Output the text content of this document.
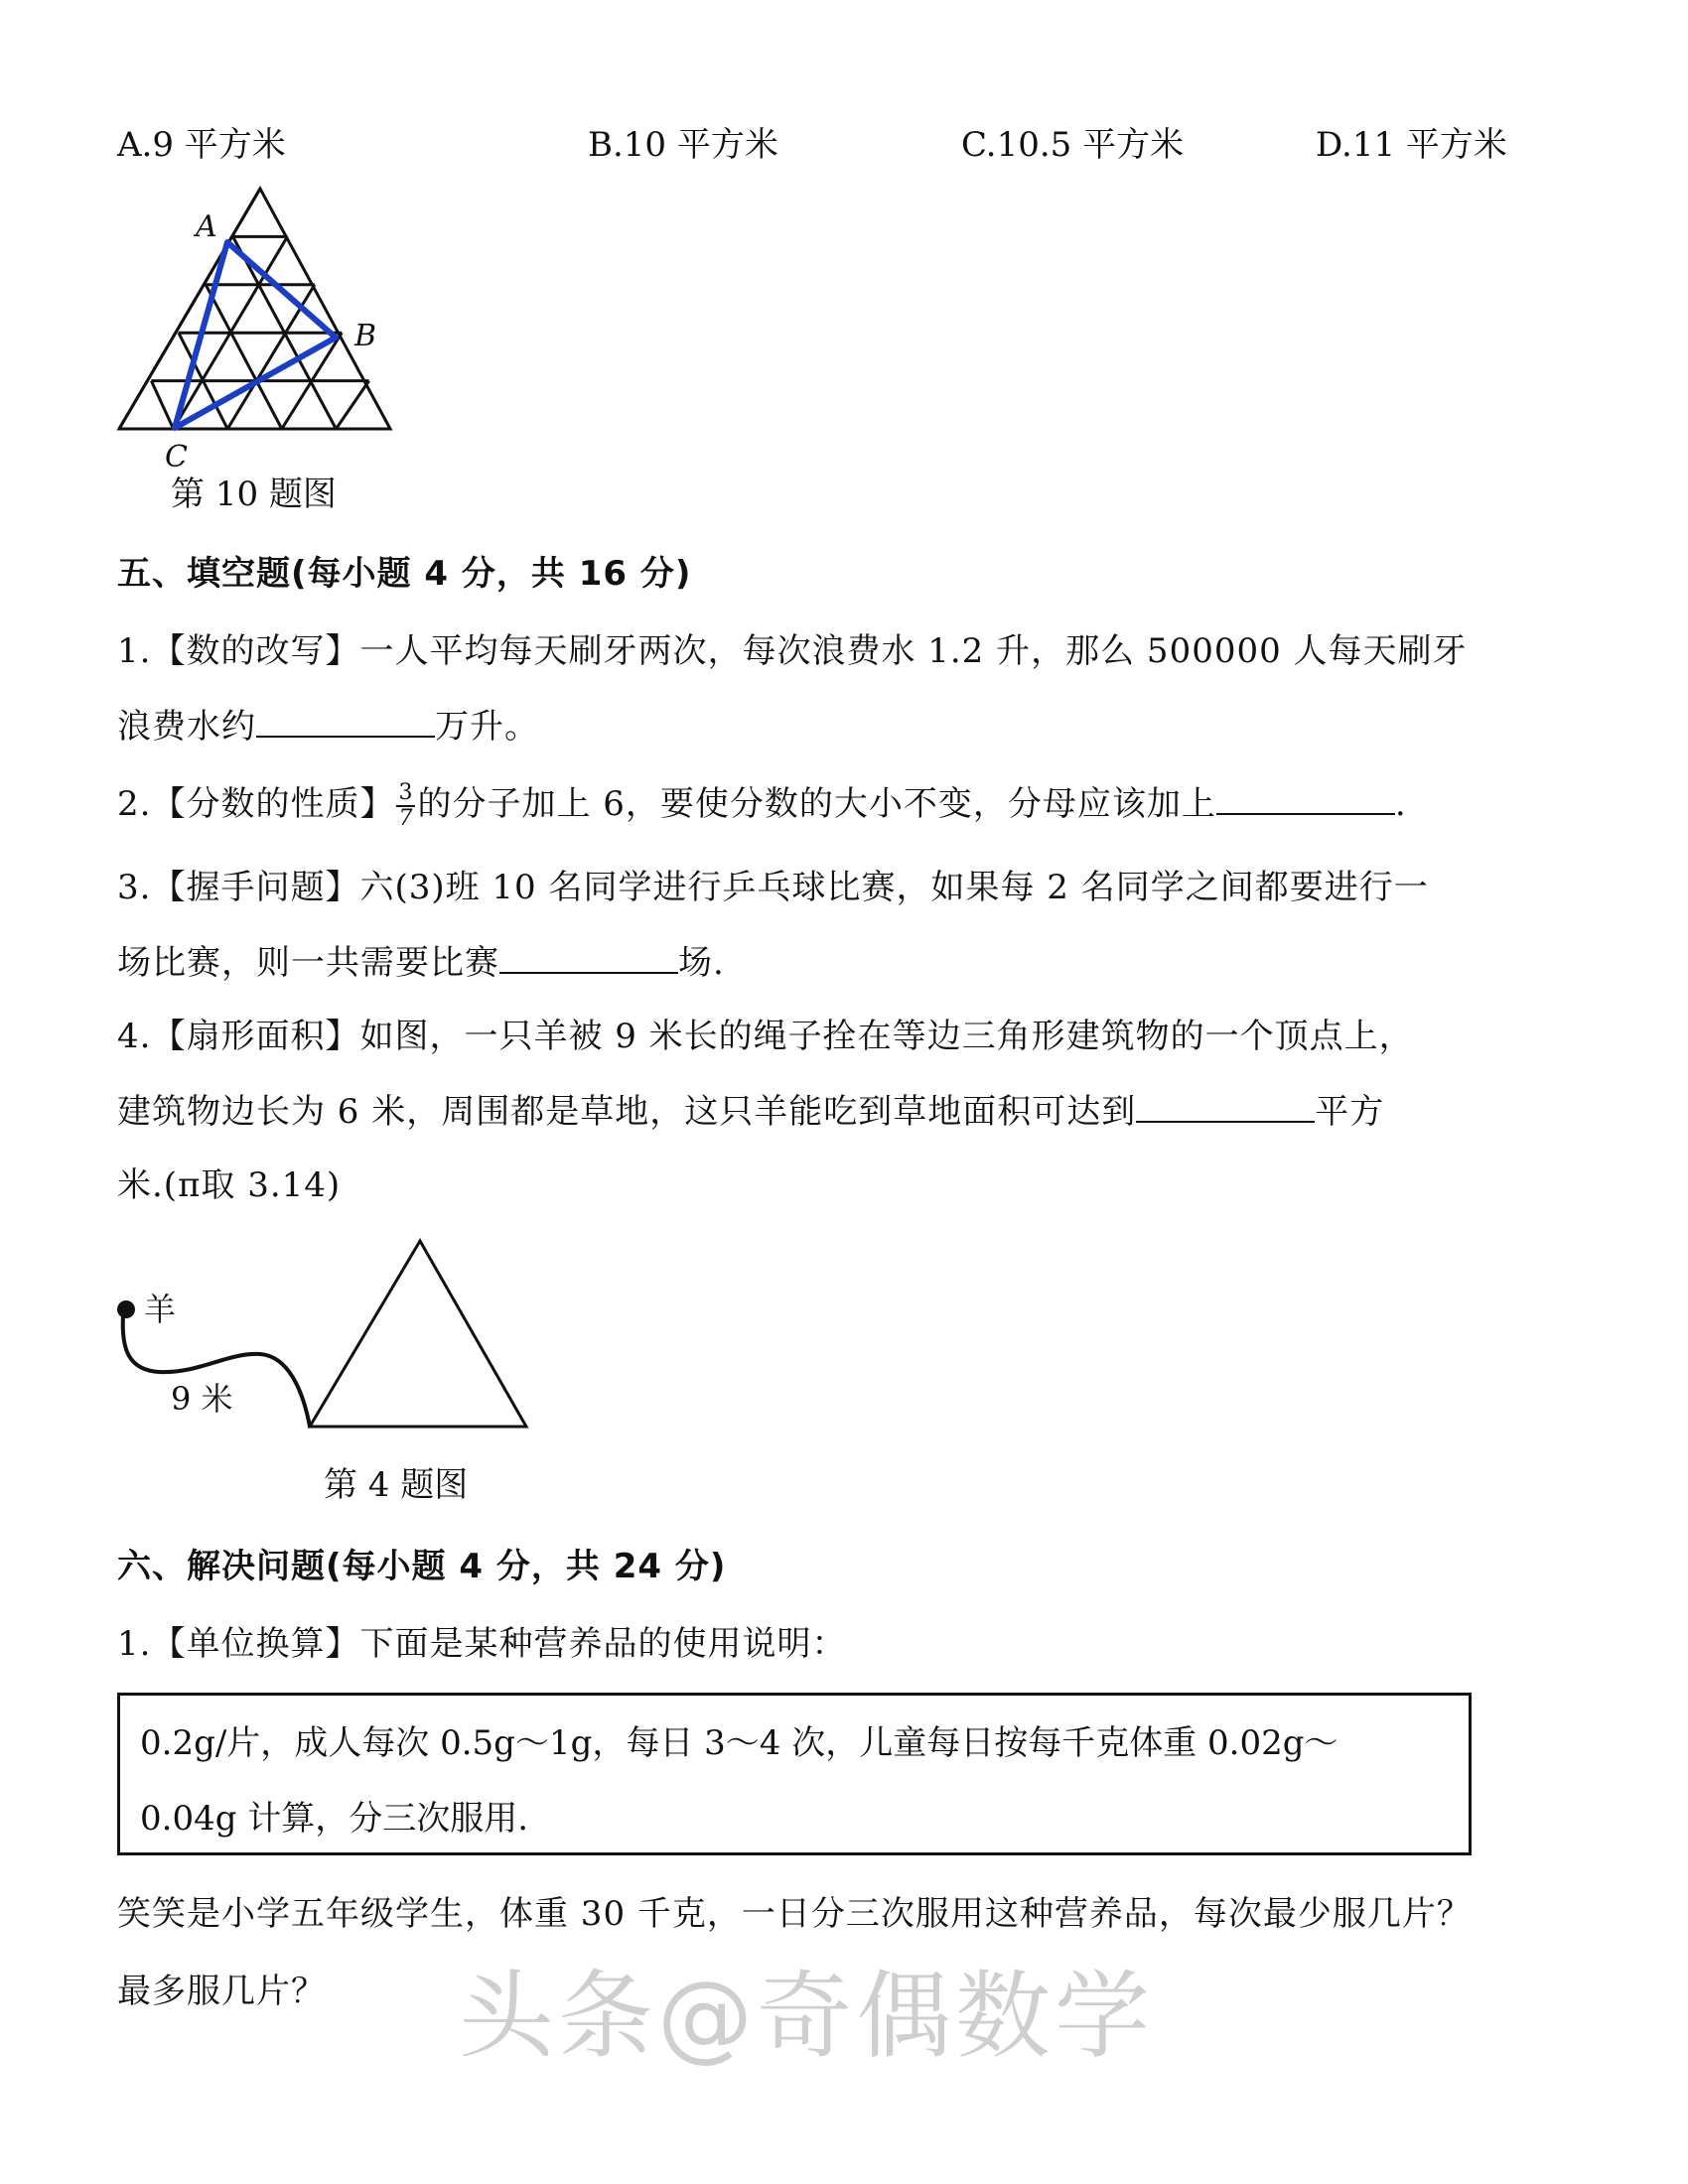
A.9 平方米	B.10 平方米	C.10.5 平方米	D.11 平方米
A
B
C
第 10 题图
五、填空题(每小题 4 分，共 16 分)
1.【数的改写】一人平均每天刷牙两次，每次浪费水 1.2 升，那么 500000 人每天刷牙
浪费水约	万升。
2.【分数的性质】 $\frac{3}{7}$ 的分子加上 6，要使分数的大小不变，分母应该加上	.
3.【握手问题】六(3)班 10 名同学进行乒乓球比赛，如果每 2 名同学之间都要进行一
场比赛，则一共需要比赛	场.
4.【扇形面积】如图，一只羊被 9 米长的绳子拴在等边三角形建筑物的一个顶点上，
建筑物边长为 6 米，周围都是草地，这只羊能吃到草地面积可达到	平方
米.(π取 3.14)
羊
9 米
第 4 题图
六、解决问题(每小题 4 分，共 24 分)
1.【单位换算】下面是某种营养品的使用说明：
0.2g/片，成人每次 0.5g～1g，每日 3～4 次，儿童每日按每千克体重 0.02g～
0.04g 计算，分三次服用.
笑笑是小学五年级学生，体重 30 千克，一日分三次服用这种营养品，每次最少服几片？
最多服几片？ 头条@奇偶数学
